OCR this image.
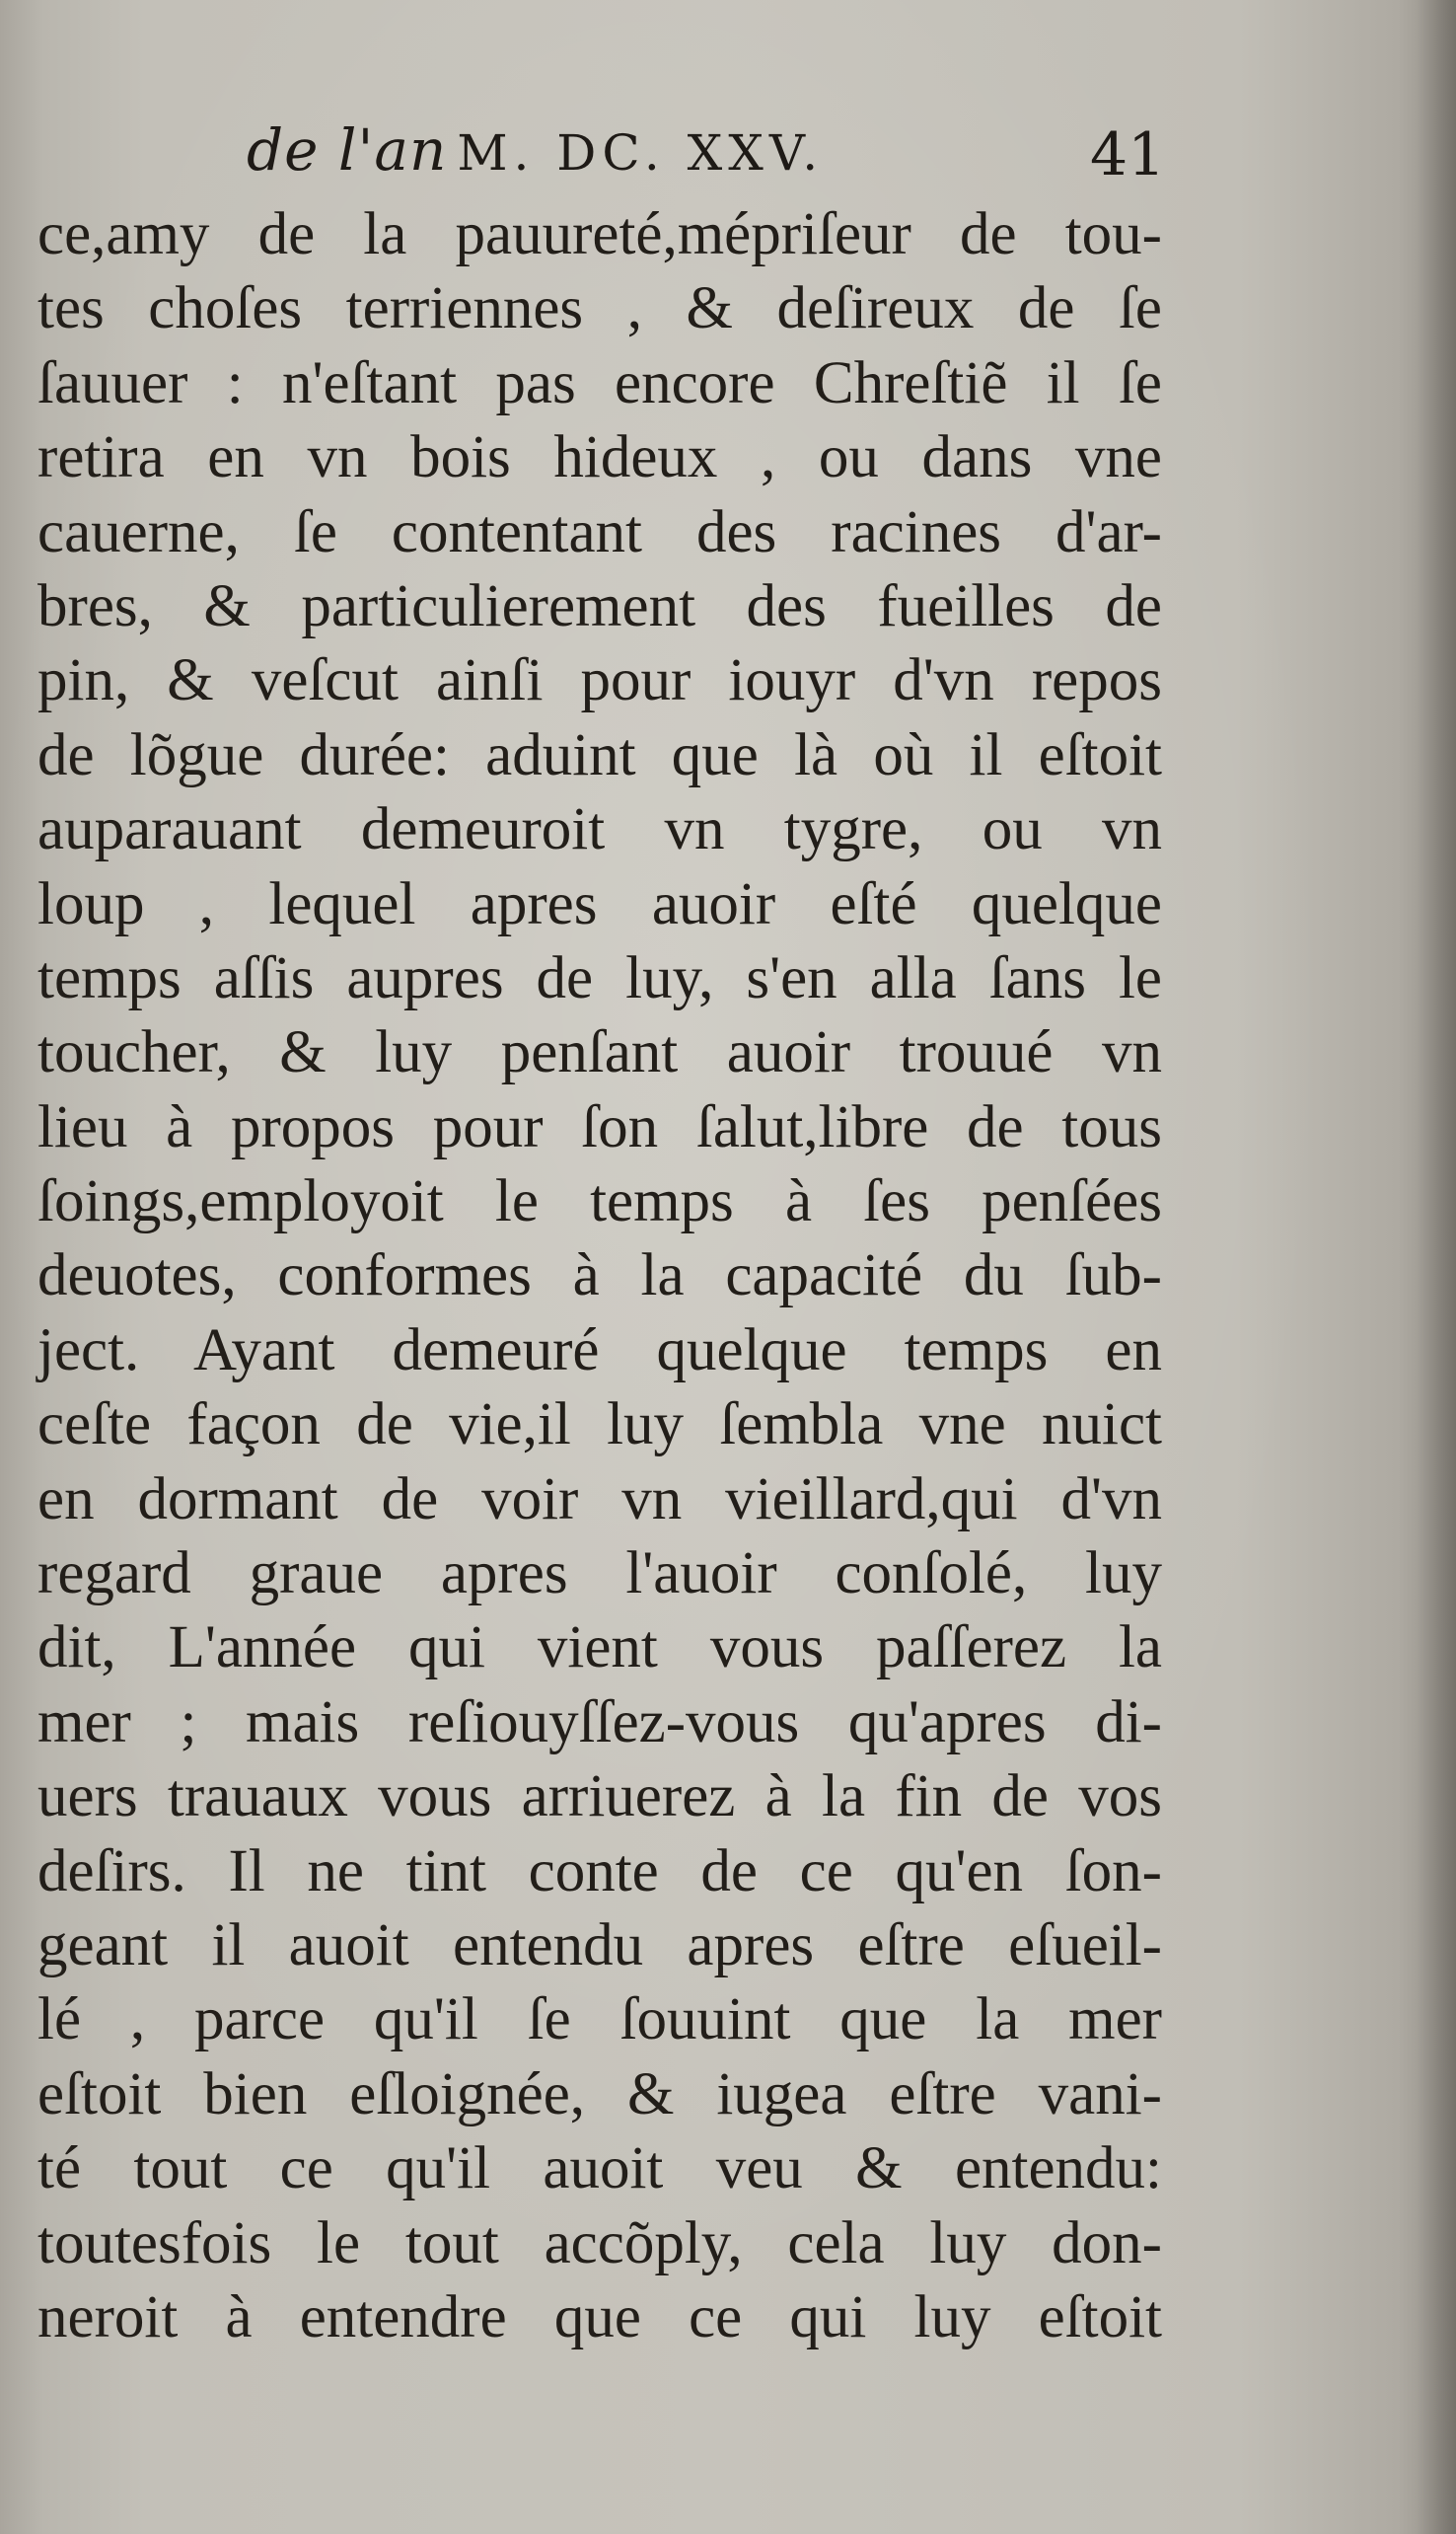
de l'an M. DC. XXV.	41
ce,amy de la pauureté,mépriſeur de tou-
tes choſes terriennes , & deſireux de ſe
ſauuer : n'eſtant pas encore Chreſtiẽ il ſe
retira en vn bois hideux , ou dans vne
cauerne, ſe contentant des racines d'ar-
bres, & particulierement des fueilles de
pin, & veſcut ainſi pour iouyr d'vn repos
de lõgue durée: aduint que là où il eſtoit
auparauant demeuroit vn tygre, ou vn
loup , lequel apres auoir eſté quelque
temps aſſis aupres de luy, s'en alla ſans le
toucher, & luy penſant auoir trouué vn
lieu à propos pour ſon ſalut,libre de tous
ſoings,employoit le temps à ſes penſées
deuotes, conformes à la capacité du ſub-
ject. Ayant demeuré quelque temps en
ceſte façon de vie,il luy ſembla vne nuict
en dormant de voir vn vieillard,qui d'vn
regard graue apres l'auoir conſolé, luy
dit, L'année qui vient vous paſſerez la
mer ; mais reſiouyſſez-vous qu'apres di-
uers trauaux vous arriuerez à la fin de vos
deſirs. Il ne tint conte de ce qu'en ſon-
geant il auoit entendu apres eſtre eſueil-
lé , parce qu'il ſe ſouuint que la mer
eſtoit bien eſloignée, & iugea eſtre vani-
té tout ce qu'il auoit veu & entendu:
toutesfois le tout accõply, cela luy don-
neroit à entendre que ce qui luy eſtoit
